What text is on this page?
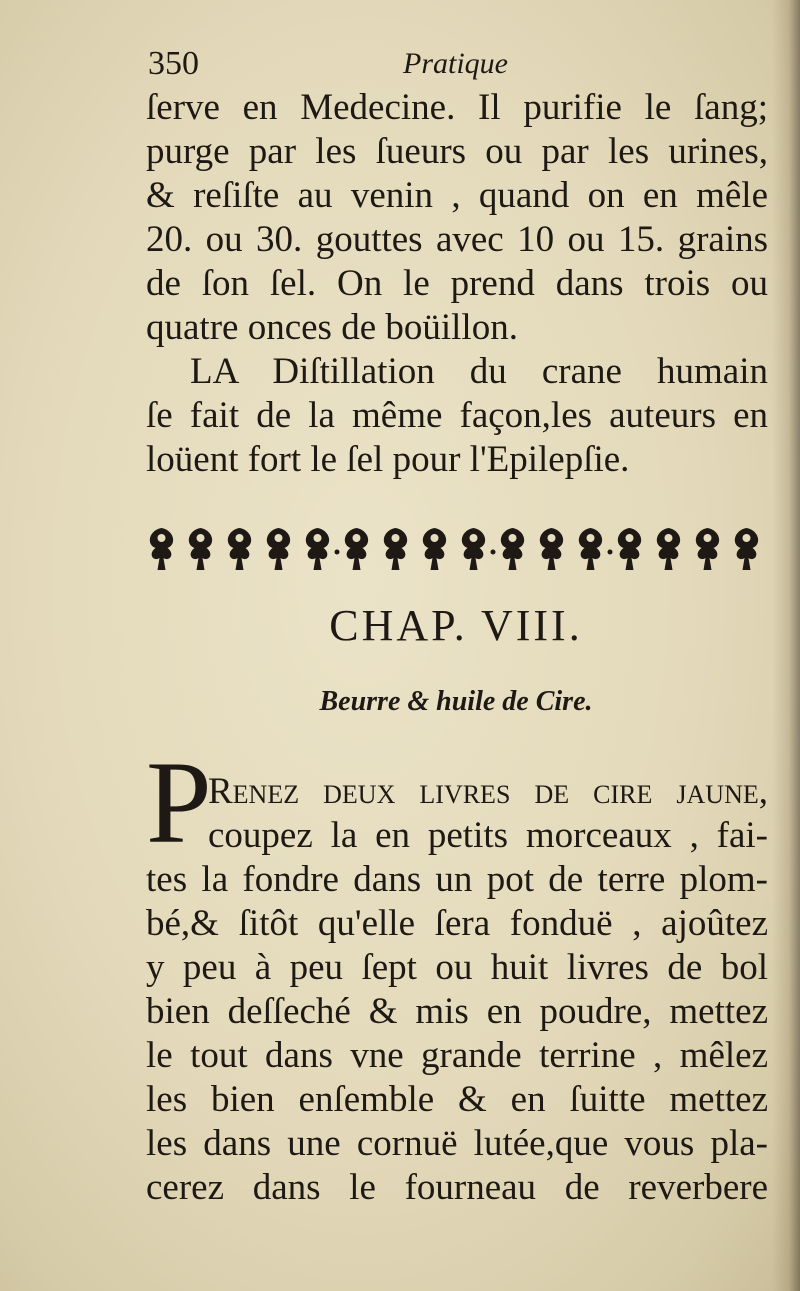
350	Pratique

ſerve en Medecine. Il purifie le ſang;
purge par les ſueurs ou par les urines,
& reſiſte au venin , quand on en mêle
20. ou 30. gouttes avec 10 ou 15. grains
de ſon ſel. On le prend dans trois ou
quatre onces de boüillon.

LA Diſtillation du crane humain
ſe fait de la même façon,les auteurs en
loüent fort le ſel pour l'Epilepſie.

CHAP. VIII.
Beurre & huile de Cire.
P

Renez deux livres de cire jaune,
coupez la en petits morceaux , fai-
tes la fondre dans un pot de terre plom-
bé,& ſitôt qu'elle ſera fonduë , ajoûtez
y peu à peu ſept ou huit livres de bol
bien deſſeché & mis en poudre, mettez
le tout dans vne grande terrine , mêlez
les bien enſemble & en ſuitte mettez
les dans une cornuë lutée,que vous pla-
cerez dans le fourneau de reverbere
